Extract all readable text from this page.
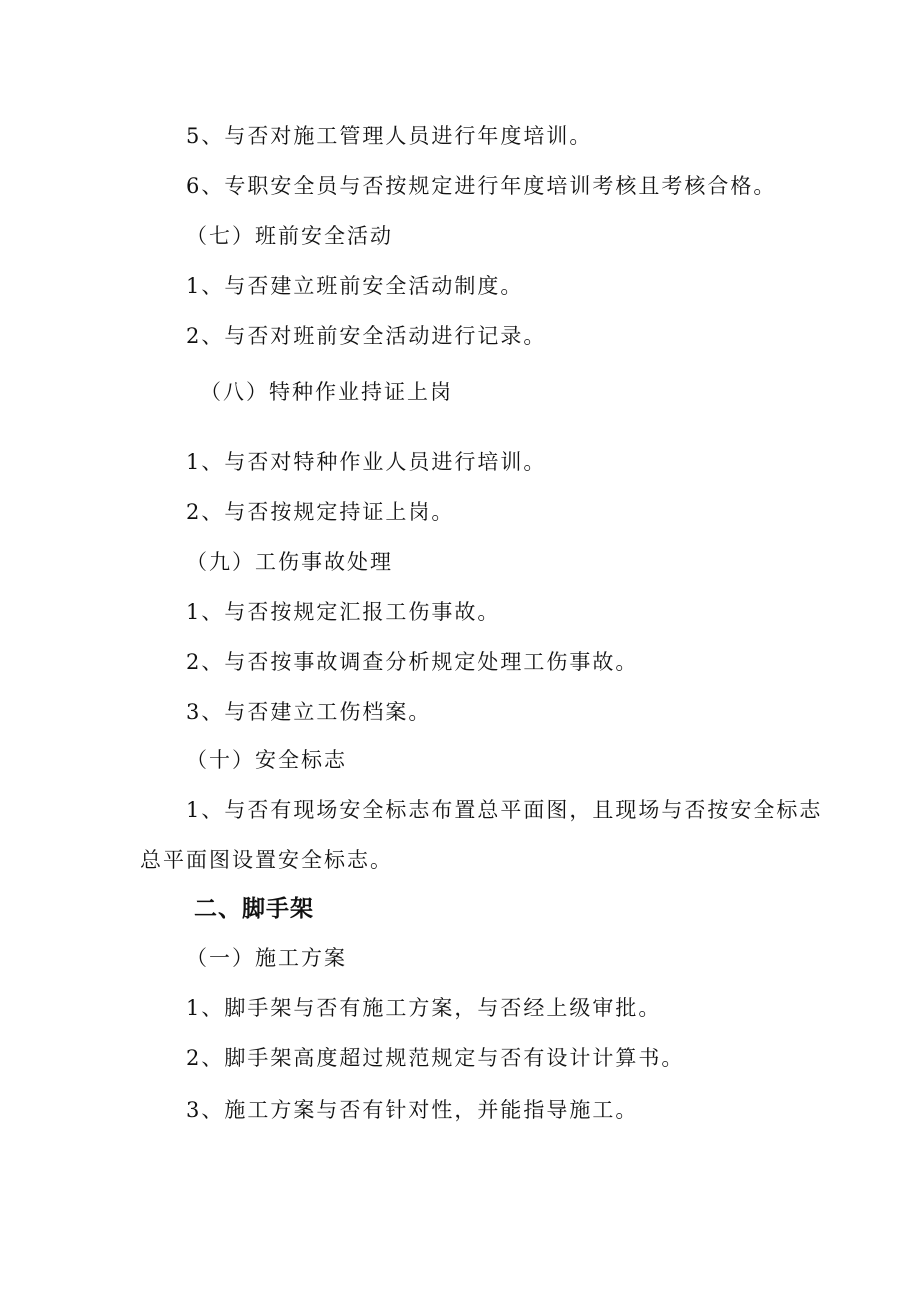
5、与否对施工管理人员进行年度培训。
6、专职安全员与否按规定进行年度培训考核且考核合格。
（七）班前安全活动
1、与否建立班前安全活动制度。
2、与否对班前安全活动进行记录。
（八）特种作业持证上岗
1、与否对特种作业人员进行培训。
2、与否按规定持证上岗。
（九）工伤事故处理
1、与否按规定汇报工伤事故。
2、与否按事故调查分析规定处理工伤事故。
3、与否建立工伤档案。
（十）安全标志
1、与否有现场安全标志布置总平面图，且现场与否按安全标志
总平面图设置安全标志。
二、脚手架
（一）施工方案
1、脚手架与否有施工方案，与否经上级审批。
2、脚手架高度超过规范规定与否有设计计算书。
3、施工方案与否有针对性，并能指导施工。
